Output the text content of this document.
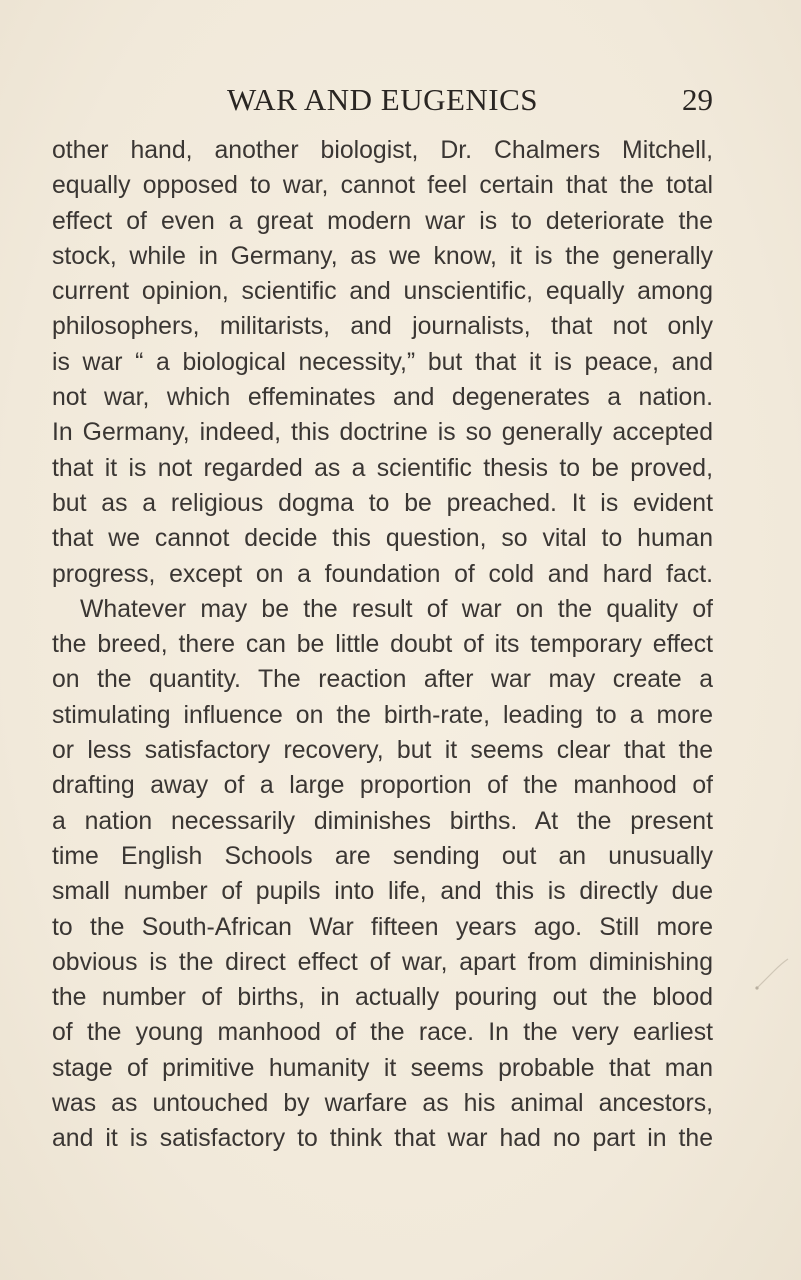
WAR AND EUGENICS	29
other hand, another biologist, Dr. Chalmers Mitchell,
equally opposed to war, cannot feel certain that the total
effect of even a great modern war is to deteriorate the
stock, while in Germany, as we know, it is the generally
current opinion, scientific and unscientific, equally among
philosophers, militarists, and journalists, that not only
is war “ a biological necessity,” but that it is peace, and
not war, which effeminates and degenerates a nation.
In Germany, indeed, this doctrine is so generally accepted
that it is not regarded as a scientific thesis to be proved,
but as a religious dogma to be preached. It is evident
that we cannot decide this question, so vital to human
progress, except on a foundation of cold and hard fact.
Whatever may be the result of war on the quality of
the breed, there can be little doubt of its temporary effect
on the quantity. The reaction after war may create a
stimulating influence on the birth-rate, leading to a more
or less satisfactory recovery, but it seems clear that the
drafting away of a large proportion of the manhood of
a nation necessarily diminishes births. At the present
time English Schools are sending out an unusually
small number of pupils into life, and this is directly due
to the South-African War fifteen years ago. Still more
obvious is the direct effect of war, apart from diminishing
the number of births, in actually pouring out the blood
of the young manhood of the race. In the very earliest
stage of primitive humanity it seems probable that man
was as untouched by warfare as his animal ancestors,
and it is satisfactory to think that war had no part in the
